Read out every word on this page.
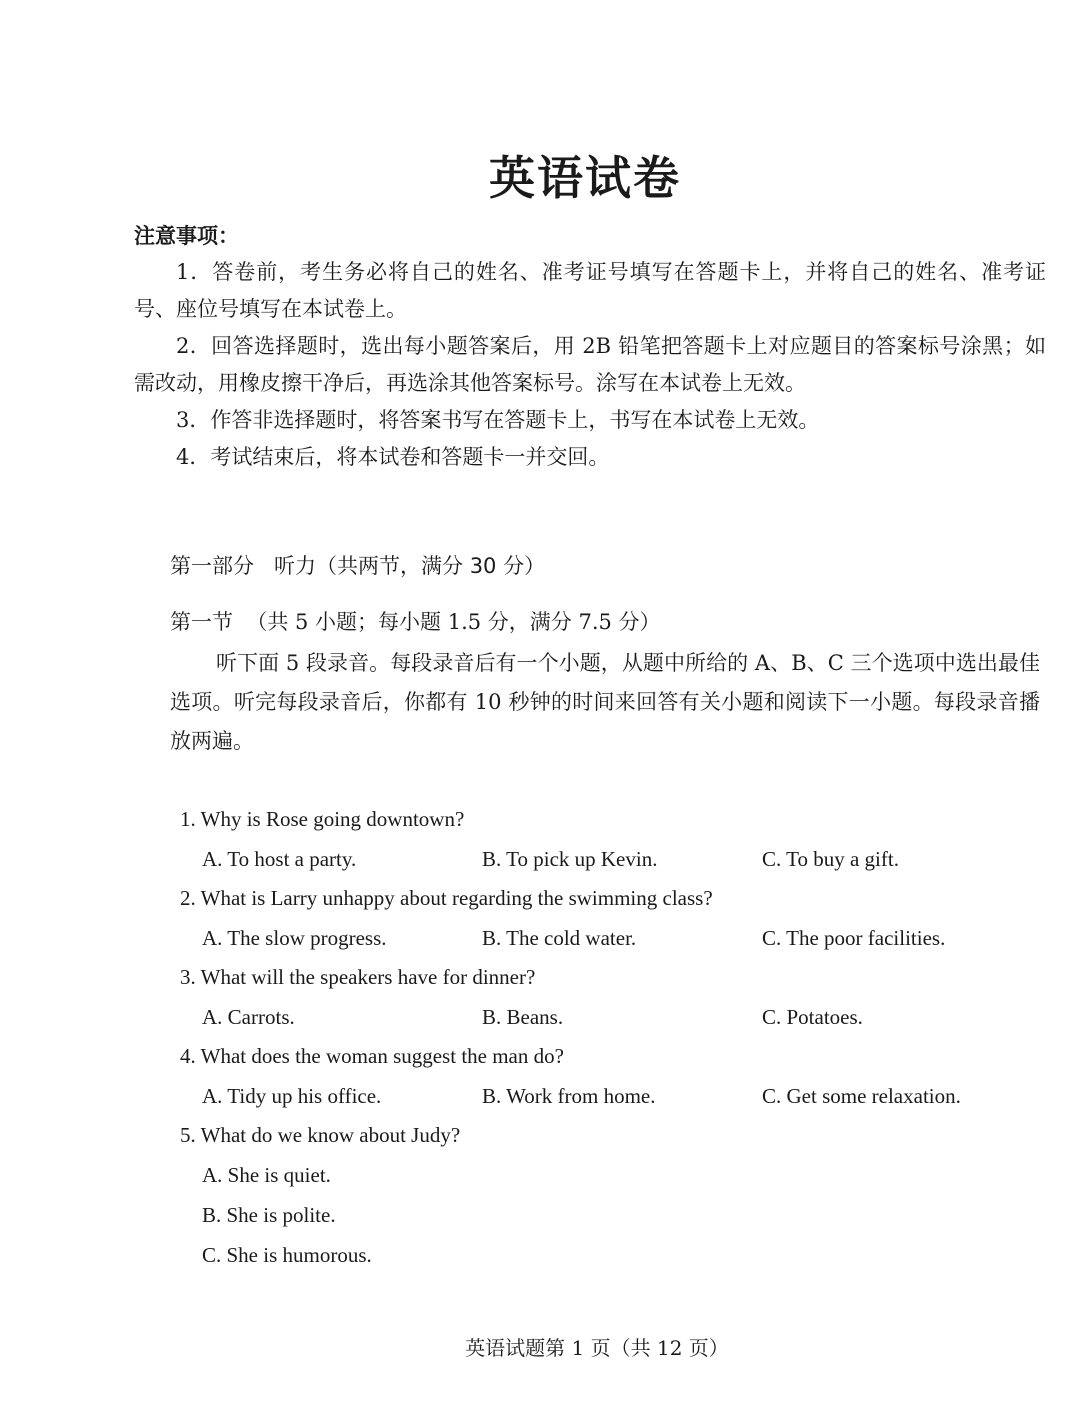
英语试卷
注意事项：

1．答卷前，考生务必将自己的姓名、准考证号填写在答题卡上，并将自己的姓名、准考证号、座位号填写在本试卷上。

2．回答选择题时，选出每小题答案后，用 2B 铅笔把答题卡上对应题目的答案标号涂黑；如需改动，用橡皮擦干净后，再选涂其他答案标号。涂写在本试卷上无效。

3．作答非选择题时，将答案书写在答题卡上，书写在本试卷上无效。

4．考试结束后，将本试卷和答题卡一并交回。

第一部分   听力（共两节，满分 30 分）
第一节  （共 5 小题；每小题 1.5 分，满分 7.5 分）

听下面 5 段录音。每段录音后有一个小题，从题中所给的 A、B、C 三个选项中选出最佳选项。听完每段录音后，你都有 10 秒钟的时间来回答有关小题和阅读下一小题。每段录音播放两遍。

1. Why is Rose going downtown?
A. To host a party.	B. To pick up Kevin.	C. To buy a gift.
2. What is Larry unhappy about regarding the swimming class?
A. The slow progress.	B. The cold water.	C. The poor facilities.
3. What will the speakers have for dinner?
A. Carrots.	B. Beans.	C. Potatoes.
4. What does the woman suggest the man do?
A. Tidy up his office.	B. Work from home.	C. Get some relaxation.
5. What do we know about Judy?
A. She is quiet.
B. She is polite.
C. She is humorous.
英语试题第 1 页（共 12 页）
